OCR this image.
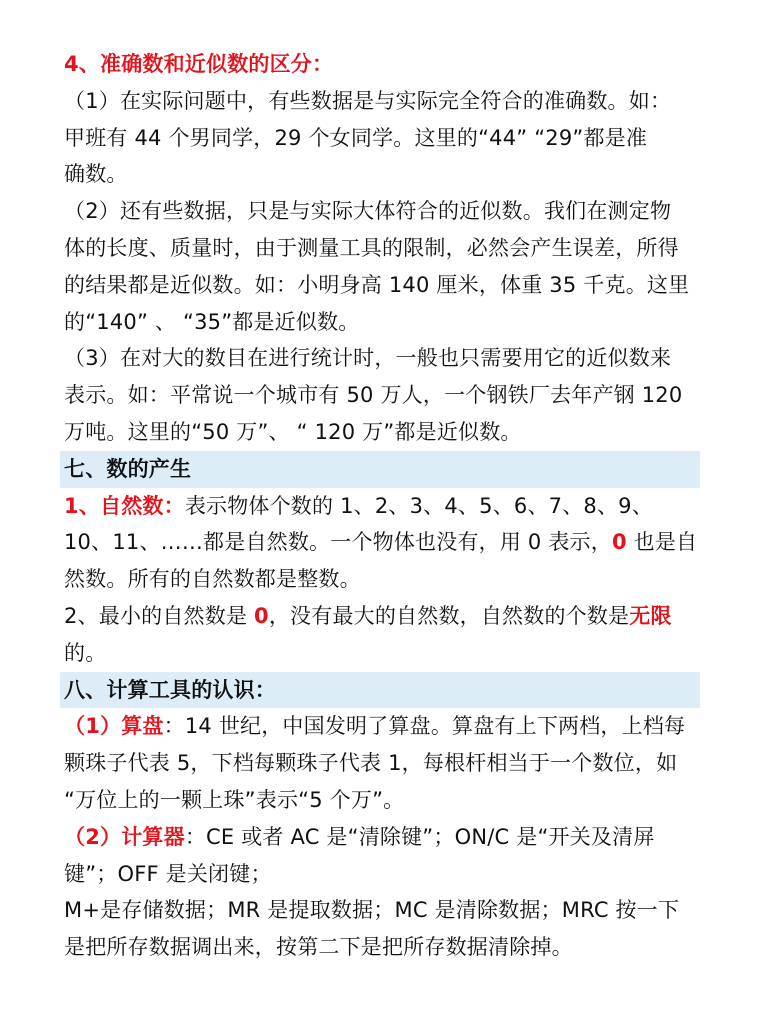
4、准确数和近似数的区分：
（1）在实际问题中，有些数据是与实际完全符合的准确数。如：
甲班有 44 个男同学，29 个女同学。这里的“44” “29”都是准
确数。
（2）还有些数据，只是与实际大体符合的近似数。我们在测定物
体的长度、质量时，由于测量工具的限制，必然会产生误差，所得
的结果都是近似数。如：小明身高 140 厘米，体重 35 千克。这里
的“140” 、 “35”都是近似数。
（3）在对大的数目在进行统计时，一般也只需要用它的近似数来
表示。如：平常说一个城市有 50 万人，一个钢铁厂去年产钢 120
万吨。这里的“50 万”、 “ 120 万”都是近似数。
七、数的产生
1、自然数：表示物体个数的 1、2、3、4、5、6、7、8、9、
10、11、……都是自然数。一个物体也没有，用 0 表示，0 也是自
然数。所有的自然数都是整数。
2、最小的自然数是 0，没有最大的自然数，自然数的个数是无限
的。
八、计算工具的认识：
（1）算盘：14 世纪，中国发明了算盘。算盘有上下两档，上档每
颗珠子代表 5，下档每颗珠子代表 1，每根杆相当于一个数位，如
“万位上的一颗上珠”表示“5 个万”。
（2）计算器：CE 或者 AC 是“清除键”；ON/C 是“开关及清屏
键”；OFF 是关闭键；
M+是存储数据；MR 是提取数据；MC 是清除数据；MRC 按一下
是把所存数据调出来，按第二下是把所存数据清除掉。
